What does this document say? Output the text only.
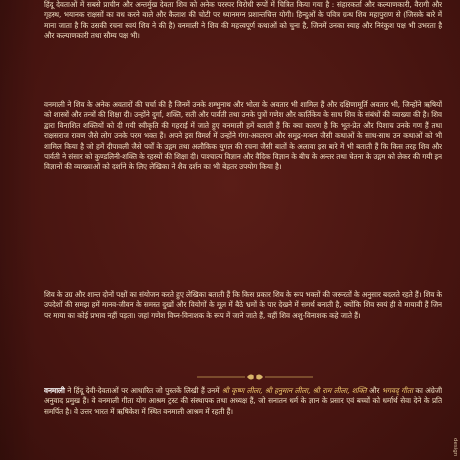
हिंदू देवताओं में सबसे प्राचीन और अन्तर्मुख देवता शिव को अनेक परस्पर विरोधी रूपों में चित्रित किया गया है : संहारकर्ता और कल्याणकारी, वैरागी और गृहस्थ, भयानक राक्षसों का वध करने वाले और कैलाश की चोटी पर ध्यानमग्न प्रशान्तचित्त योगी। हिन्दुओं के पवित्र ग्रन्थ शिव महापुराण से (जिसके बारे में माना जाता है कि उसकी रचना स्वयं शिव ने की है) वनमाली ने शिव की महत्त्वपूर्ण कथाओं को चुना है, जिनमें उनका स्याह और निरंकुश पक्ष भी उभरता है और कल्याणकारी तथा सौम्य पक्ष भी।

वनमाली ने शिव के अनेक अवतारों की चर्चा की है जिनमें उनके शम्भुनाथ और भोला के अवतार भी शामिल हैं और दक्षिणामूर्ति अवतार भी, जिन्होंने ऋषियों को शास्त्रों और तन्त्रों की शिक्षा दी। उन्होंने दुर्गा, शक्ति, सती और पार्वती तथा उनके पुत्रों गणेश और कार्तिकेय के साथ शिव के संबंधों की व्याख्या की है। शिव द्वारा विनाशित शक्तियों को दी गयी स्वीकृति की गहराई में जाते हुए वनमाली हमें बताती हैं कि क्या कारण है कि भूत-प्रेत और पिशाच उनके गण हैं तथा राक्षसराज रावण जैसे लोग उनके परम भक्त हैं। अपने इस विमर्श में उन्होंने गंगा-अवतरण और समुद्र-मन्थन जैसी कथाओं के साथ-साथ उन कथाओं को भी शामिल किया है जो हमें दीपावली जैसे पर्वों के उद्गम तथा अलौकिक युगल की रचना जैसी बातों के अलावा इस बारे में भी बताती हैं कि किस तरह शिव और पार्वती ने संसार को कुण्डलिनी-शक्ति के रहस्यों की शिक्षा दी। पाश्चात्य विज्ञान और वैदिक विज्ञान के बीच के अन्तर तथा चेतना के उद्गम को लेकर की गयी इन विज्ञानों की व्याख्याओं को दर्शाने के लिए लेखिका ने शैव दर्शन का भी बेहतर उपयोग किया है।

शिव के उग्र और शान्त दोनों पक्षों का संयोजन करते हुए लेखिका बताती हैं कि किस प्रकार शिव के रूप भक्तों की जरूरतों के अनुसार बदलते रहते हैं। शिव के उपदेशों की समझ हमें मानव-जीवन के समस्त दुखों और वियोगों के मूल में बैठे भ्रमों के पार देखने में समर्थ बनाती है, क्योंकि शिव स्वयं ही वे मायावी हैं जिन पर माया का कोई प्रभाव नहीं पड़ता। जहां गणेश विघ्न-विनाशक के रूप में जाने जाते हैं, वहीं शिव अशु-विनाशक कहे जाते हैं।

वनमाली ने हिंदू देवी-देवताओं पर आधारित जो पुस्तकें लिखी हैं उनमें श्री कृष्ण लीला, श्री हनुमान लीला, श्री राम लीला, शक्ति और भगवद् गीता का अंग्रेजी अनुवाद प्रमुख हैं। वे वनमाली गीता योग आश्रम ट्रस्ट की संस्थापक तथा अध्यक्ष हैं, जो सनातन धर्म के ज्ञान के प्रसार एवं बच्चों को धर्मार्थ सेवा देने के प्रति समर्पित है। वे उत्तर भारत में ऋषिकेश में स्थित वनमाली आश्रम में रहती हैं।

design
